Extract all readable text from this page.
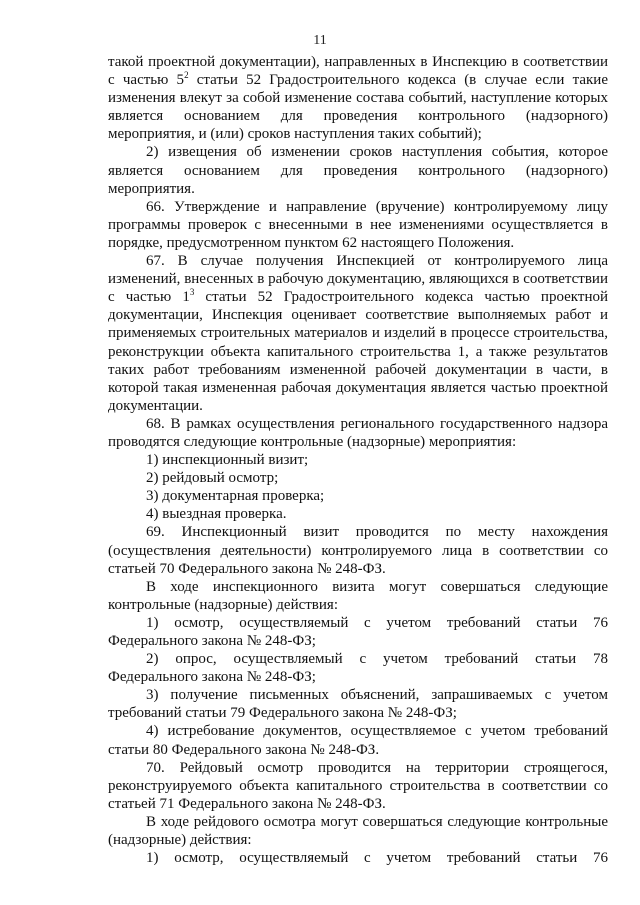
11

такой проектной документации), направленных в Инспекцию в соответствии с частью $5^2$ статьи 52 Градостроительного кодекса (в случае если такие изменения влекут за собой изменение состава событий, наступление которых является основанием для проведения контрольного (надзорного) мероприятия, и (или) сроков наступления таких событий);

2) извещения об изменении сроков наступления события, которое является основанием для проведения контрольного (надзорного) мероприятия.

66. Утверждение и направление (вручение) контролируемому лицу программы проверок с внесенными в нее изменениями осуществляется в порядке, предусмотренном пунктом 62 настоящего Положения.

67. В случае получения Инспекцией от контролируемого лица изменений, внесенных в рабочую документацию, являющихся в соответствии с частью $1^3$ статьи 52 Градостроительного кодекса частью проектной документации, Инспекция оценивает соответствие выполняемых работ и применяемых строительных материалов и изделий в процессе строительства, реконструкции объекта капитального строительства 1, а также результатов таких работ требованиям измененной рабочей документации в части, в которой такая измененная рабочая документация является частью проектной документации.

68. В рамках осуществления регионального государственного надзора проводятся следующие контрольные (надзорные) мероприятия:

1) инспекционный визит;

2) рейдовый осмотр;

3) документарная проверка;

4) выездная проверка.

69. Инспекционный визит проводится по месту нахождения (осуществления деятельности) контролируемого лица в соответствии со статьей 70 Федерального закона № 248-ФЗ.

В ходе инспекционного визита могут совершаться следующие контрольные (надзорные) действия:

1) осмотр, осуществляемый с учетом требований статьи 76 Федерального закона № 248-ФЗ;

2) опрос, осуществляемый с учетом требований статьи 78 Федерального закона № 248-ФЗ;

3) получение письменных объяснений, запрашиваемых с учетом требований статьи 79 Федерального закона № 248-ФЗ;

4) истребование документов, осуществляемое с учетом требований статьи 80 Федерального закона № 248-ФЗ.

70. Рейдовый осмотр проводится на территории строящегося, реконструируемого объекта капитального строительства в соответствии со статьей 71 Федерального закона № 248-ФЗ.

В ходе рейдового осмотра могут совершаться следующие контрольные (надзорные) действия:

1) осмотр, осуществляемый с учетом требований статьи 76
